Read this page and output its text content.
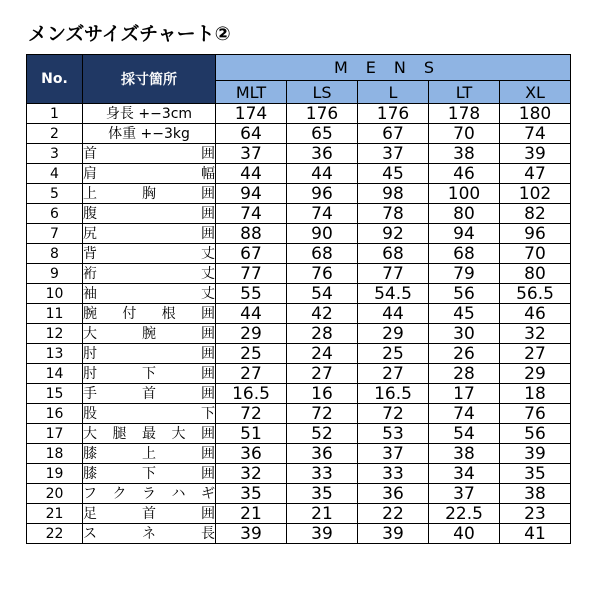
メンズサイズチャート②
No.	採寸箇所	MENS				
		MLT	LS	L	LT	XL
1	身長 +−3cm	174	176	176	178	180
2	体重 +−3kg	64	65	67	70	74
3	首 囲	37	36	37	38	39
4	肩 幅	44	44	45	46	47
5	上 胸 囲	94	96	98	100	102
6	腹 囲	74	74	78	80	82
7	尻 囲	88	90	92	94	96
8	背 丈	67	68	68	68	70
9	裄 丈	77	76	77	79	80
10	袖 丈	55	54	54.5	56	56.5
11	腕 付 根 囲	44	42	44	45	46
12	大 腕 囲	29	28	29	30	32
13	肘 囲	25	24	25	26	27
14	肘 下 囲	27	27	27	28	29
15	手 首 囲	16.5	16	16.5	17	18
16	股 下	72	72	72	74	76
17	大 腿 最 大 囲	51	52	53	54	56
18	膝 上 囲	36	36	37	38	39
19	膝 下 囲	32	33	33	34	35
20	フ ク ラ ハ ギ	35	35	36	37	38
21	足 首 囲	21	21	22	22.5	23
22	ス ネ 長	39	39	39	40	41
